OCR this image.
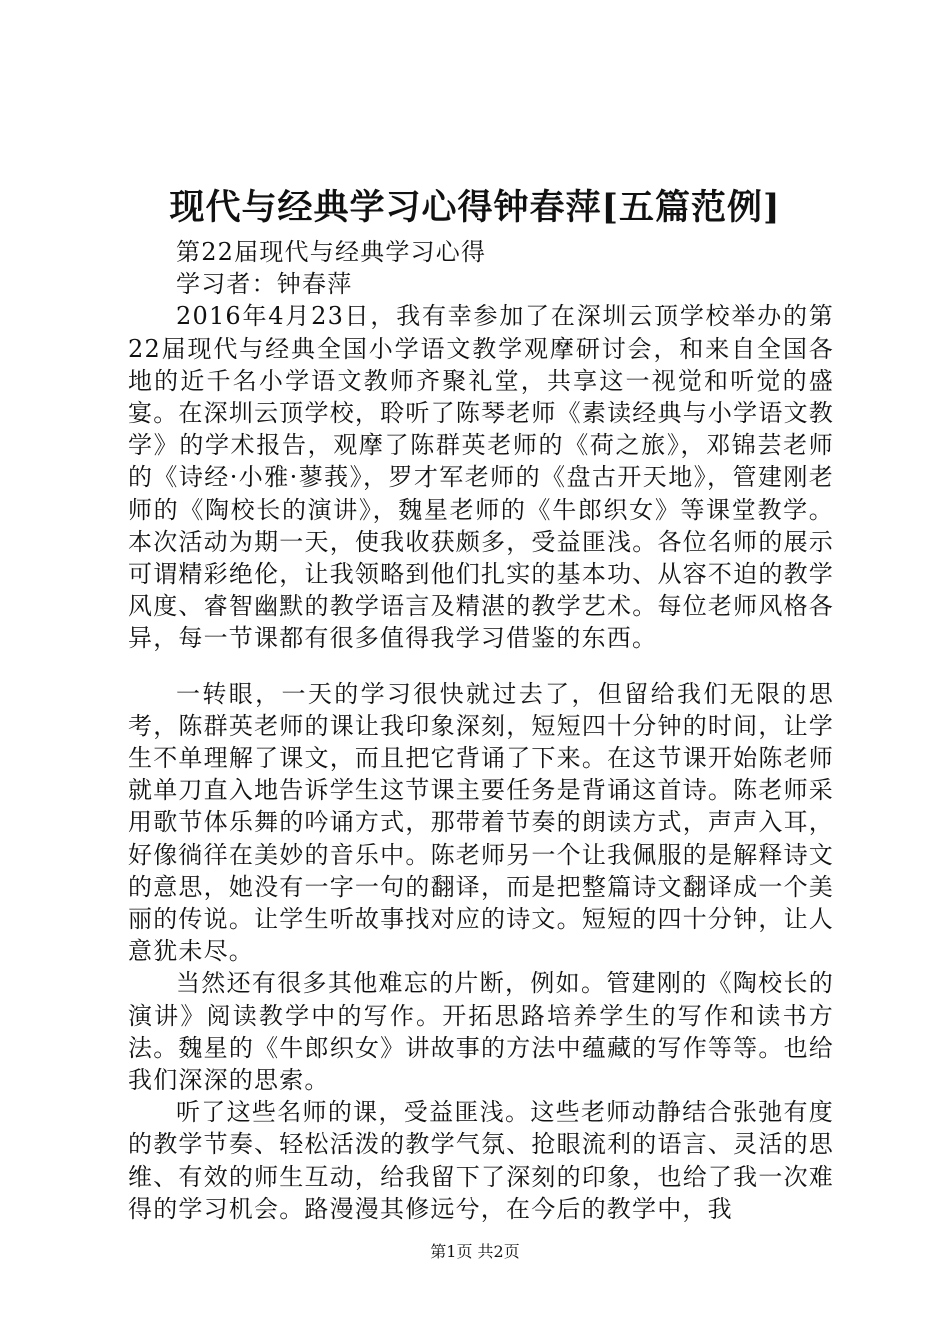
现代与经典学习心得钟春萍[五篇范例]

第22届现代与经典学习心得

学习者：钟春萍

2016年4月23日，我有幸参加了在深圳云顶学校举办的第22届现代与经典全国小学语文教学观摩研讨会，和来自全国各地的近千名小学语文教师齐聚礼堂，共享这一视觉和听觉的盛宴。在深圳云顶学校，聆听了陈琴老师《素读经典与小学语文教学》的学术报告，观摩了陈群英老师的《荷之旅》，邓锦芸老师的《诗经·小雅·蓼莪》，罗才军老师的《盘古开天地》，管建刚老师的《陶校长的演讲》，魏星老师的《牛郎织女》等课堂教学。本次活动为期一天，使我收获颇多，受益匪浅。各位名师的展示可谓精彩绝伦，让我领略到他们扎实的基本功、从容不迫的教学风度、睿智幽默的教学语言及精湛的教学艺术。每位老师风格各异，每一节课都有很多值得我学习借鉴的东西。

一转眼，一天的学习很快就过去了，但留给我们无限的思考，陈群英老师的课让我印象深刻，短短四十分钟的时间，让学生不单理解了课文，而且把它背诵了下来。在这节课开始陈老师就单刀直入地告诉学生这节课主要任务是背诵这首诗。陈老师采用歌节体乐舞的吟诵方式，那带着节奏的朗读方式，声声入耳，好像徜徉在美妙的音乐中。陈老师另一个让我佩服的是解释诗文的意思，她没有一字一句的翻译，而是把整篇诗文翻译成一个美丽的传说。让学生听故事找对应的诗文。短短的四十分钟，让人意犹未尽。

当然还有很多其他难忘的片断，例如。管建刚的《陶校长的演讲》阅读教学中的写作。开拓思路培养学生的写作和读书方法。魏星的《牛郎织女》讲故事的方法中蕴藏的写作等等。也给我们深深的思索。

听了这些名师的课，受益匪浅。这些老师动静结合张弛有度的教学节奏、轻松活泼的教学气氛、抢眼流利的语言、灵活的思维、有效的师生互动，给我留下了深刻的印象，也给了我一次难得的学习机会。路漫漫其修远兮，在今后的教学中，我

第1页 共2页
